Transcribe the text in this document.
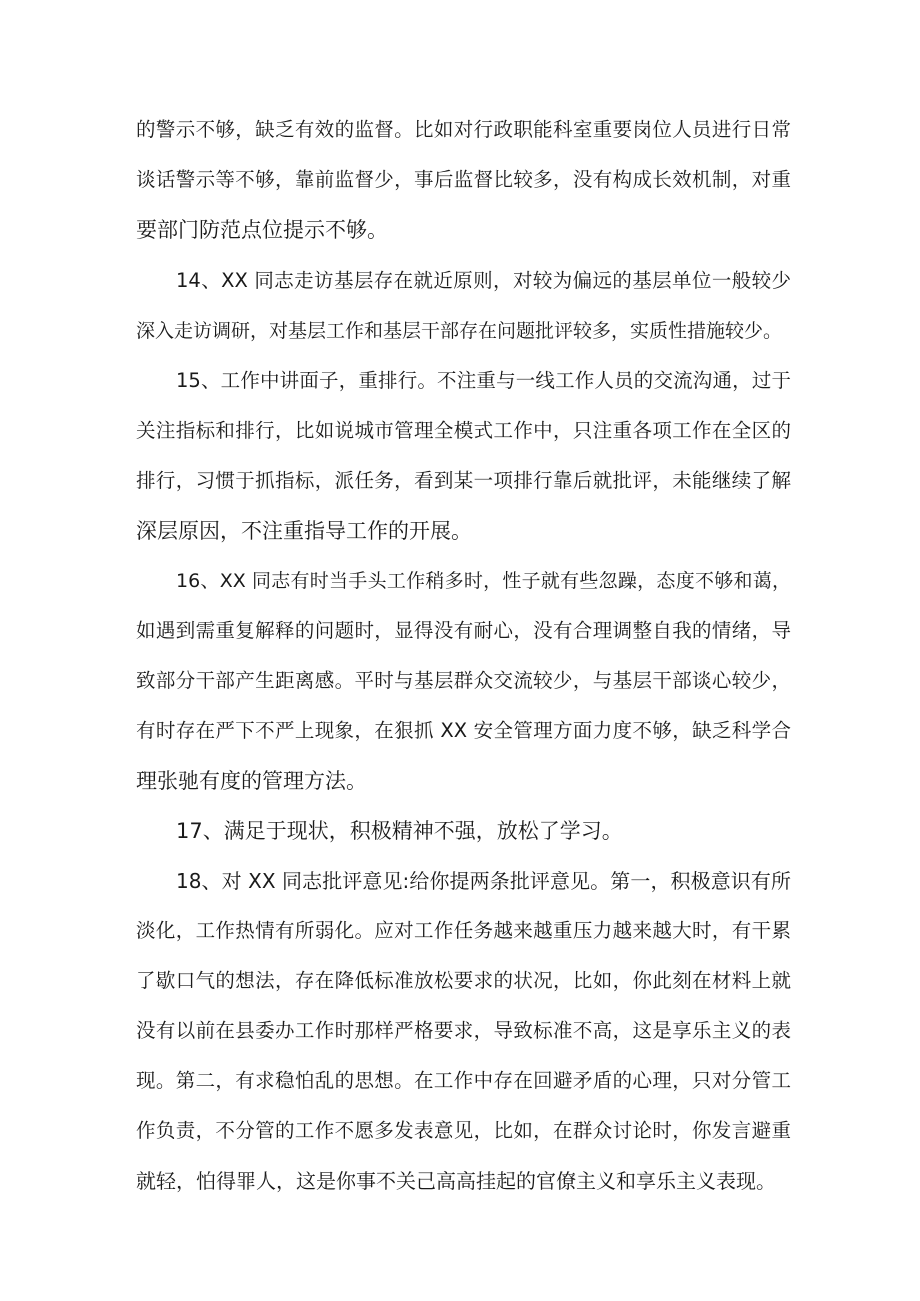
的警示不够，缺乏有效的监督。比如对行政职能科室重要岗位人员进行日常
谈话警示等不够，靠前监督少，事后监督比较多，没有构成长效机制，对重
要部门防范点位提示不够。
14、XX 同志走访基层存在就近原则，对较为偏远的基层单位一般较少
深入走访调研，对基层工作和基层干部存在问题批评较多，实质性措施较少。
15、工作中讲面子，重排行。不注重与一线工作人员的交流沟通，过于
关注指标和排行，比如说城市管理全模式工作中，只注重各项工作在全区的
排行，习惯于抓指标，派任务，看到某一项排行靠后就批评，未能继续了解
深层原因，不注重指导工作的开展。
16、XX 同志有时当手头工作稍多时，性子就有些忽躁，态度不够和蔼，
如遇到需重复解释的问题时，显得没有耐心，没有合理调整自我的情绪，导
致部分干部产生距离感。平时与基层群众交流较少，与基层干部谈心较少，
有时存在严下不严上现象，在狠抓 XX 安全管理方面力度不够，缺乏科学合
理张驰有度的管理方法。
17、满足于现状，积极精神不强，放松了学习。
18、对 XX 同志批评意见:给你提两条批评意见。第一，积极意识有所
淡化，工作热情有所弱化。应对工作任务越来越重压力越来越大时，有干累
了歇口气的想法，存在降低标准放松要求的状况，比如，你此刻在材料上就
没有以前在县委办工作时那样严格要求，导致标准不高，这是享乐主义的表
现。第二，有求稳怕乱的思想。在工作中存在回避矛盾的心理，只对分管工
作负责，不分管的工作不愿多发表意见，比如，在群众讨论时，你发言避重
就轻，怕得罪人，这是你事不关己高高挂起的官僚主义和享乐主义表现。
